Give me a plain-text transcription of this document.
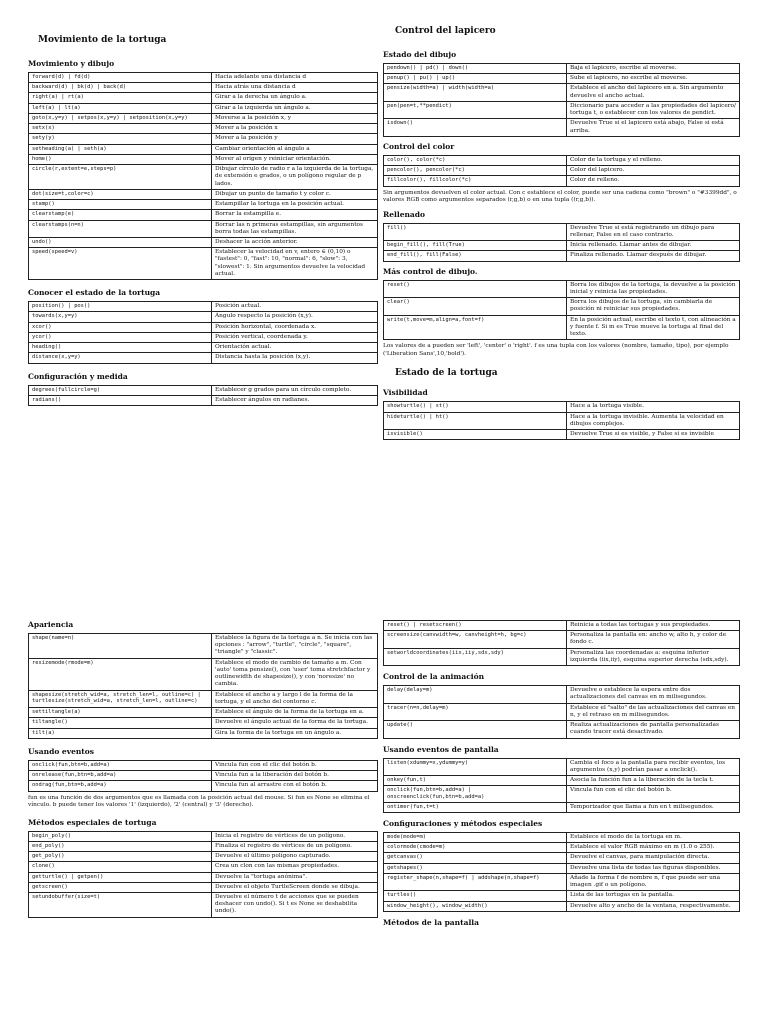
Movimiento de la tortuga
Movimiento y dibujo
forward(d) | fd(d)	Hacia adelante una distancia d
backward(d) | bk(d) | back(d)	Hacia atrás una distancia d
right(a) | rt(a)	Girar a la derecha un ángulo a.
left(a) | lt(a)	Girar a la izquierda un ángulo a.
goto(x,y=y) | setpos(x,y=y) | setposition(x,y=y)	Moverse a la posición x, y
setx(x)	Mover a la posición x
sety(y)	Mover a la posición y
setheading(a) | seth(a)	Cambiar orientación al ángulo a
home()	Mover al origen y reiniciar orientación.
circle(r,extent=e,steps=p)	Dibujar círculo de radio r a la izquierda de la tortuga, de extensión e grados, o un polígono regular de p lados.
dot(size=t,color=c)	Dibujar un punto de tamaño t y color c.
stamp()	Estampillar la tortuga en la posición actual.
clearstamp(e)	Borrar la estampilla e.
clearstamps(n=n)	Borrar las n primeras estampillas, sin argumentos borra todas las estampillas.
undo()	Deshacer la acción anterior.
speed(speed=v)	Establecer la velocidad en v, entero ∈ (0,10) o "fastest": 0, "fast": 10, "normal": 6, "slow": 3, "slowest": 1. Sin argumentos devuelve la velocidad actual.
Conocer el estado de la tortuga
position() | pos()	Posición actual.
towards(x,y=y)	Ángulo respecto la posición (x,y).
xcor()	Posición horizontal, coordenada x.
ycor()	Posición vertical, coordenada y.
heading()	Orientación actual.
distance(x,y=y)	Distancia hasta la posición (x,y).
Configuración y medida
degrees(fullcircle=g)	Establecer g grados para un círculo completo.
radians()	Establecer ángulos en radianes.
Control del lapicero
Estado del dibujo
pendown() | pd() | down()	Baja el lapicero, escribe al moverse.
penup() | pu() | up()	Sube el lapicero, no escribe al moverse.
pensize(width=a) | width(width=a)	Establece el ancho del lapicero en a. Sin argumento devuelve el ancho actual.
pen(pen=t,**pendict)	Diccionario para acceder a las propiedades del lapicero/ tortuga t, o establecer con los valores de pendict.
isdown()	Devuelve True si el lapicero está abajo, False si está arriba.
Control del color
color(), color(*c)	Color de la tortuga y el relleno.
pencolor(), pencolor(*c)	Color del lapicero.
fillcolor(), fillcolor(*c)	Color de relleno.
Sin argumentos devuelven el color actual. Con c establece el color, puede ser una cadena como "brown" o "#3399dd", o valores RGB como argumentos separados (r,g,b) o en una tupla ((r,g,b)).
Rellenado
fill()	Devuelve True si está registrando un dibujo para rellenar, False en el caso contrario.
begin_fill(), fill(True)	Inicia rellenado. Llamar antes de dibujar.
end_fill(), fill(False)	Finaliza rellenado. Llamar después de dibujar.
Más control de dibujo.
reset()	Borra los dibujos de la tortuga, la devuelve a la posición inicial y reinicia las propiedades.
clear()	Borra los dibujos de la tortuga, sin cambiarla de posición ni reiniciar sus propiedades.
write(t,move=m,align=a,font=f)	En la posición actual, escribe el texto t, con alineación a y fuente f. Si m es True mueve la tortuga al final del texto.
Los valores de a pueden ser 'left', 'center' o 'right'. f es una tupla con los valores (nombre, tamaño, tipo), por ejemplo ('Liberation Sans',10,'bold').
Estado de la tortuga
Visibilidad
showturtle() | st()	Hace a la tortuga visible.
hideturtle() | ht()	Hace a la tortuga invisible. Aumenta la velocidad en dibujos complejos.
isvisible()	Devuelve True si es visible, y False si es invisible
Apariencia
shape(name=n)	Establece la figura de la tortuga a n. Se inicia con las opciones : "arrow", "turtle", "circle", "square", "triangle" y "classic".
resizemode(rmode=m)	Establece el modo de cambio de tamaño a m. Con 'auto' toma pensize(), con 'user' toma stretchfactor y outlinewidth de shapesize(), y con 'noresize' no cambia.
shapesize(stretch_wid=a, stretch_len=l, outline=c) | turtlesize(stretch_wid=a, stretch_len=l, outline=c)	Establece el ancho a y largo l de la forma de la tortuga, y el ancho del contorno c.
settiltangle(a)	Establece el ángulo de la forma de la tortuga en a.
tiltangle()	Devuelve el ángulo actual de la forma de la tortuga.
tilt(a)	Gira la forma de la tortuga en un ángulo a.
Usando eventos
onclick(fun,btn=b,add=a)	Vincula fun con el clic del botón b.
onrelease(fun,btn=b,add=a)	Vincula fun a la liberación del botón b.
ondrag(fun,btn=b,add=a)	Vincula fun al arrastre con el botón b.
fun es una función de dos argumentos que es llamada con la posición actual del mouse. Si fun es None se elimina el vínculo. b puede tener los valores '1' (izquierdo), '2' (central) y '3' (derecho).
Métodos especiales de tortuga
begin_poly()	Inicia el registro de vértices de un polígono.
end_poly()	Finaliza el registro de vértices de un polígono.
get_poly()	Devuelve el último polígono capturado.
clone()	Crea un clon con las mismas propiedades.
getturtle() | getpen()	Devuelve la "tortuga anónima".
getscreen()	Devuelve el objeto TurtleScreen donde se dibuja.
setundobuffer(size=t)	Devuelve el número t de acciones que se pueden deshacer con undo(). Si t es None se deshabilita undo().
reset() | resetscreen()	Reinicia a todas las tortugas y sus propiedades.
screensize(canvwidth=w, canvheight=h, bg=c)	Personaliza la pantalla en: ancho w, alto h, y color de fondo c.
setworldcoordinates(iix,iiy,sdx,sdy)	Personaliza las coordenadas a: esquina inferior izquierda (iix,iiy), esquina superior derecha (sdx,sdy).
Control de la animación
delay(delay=m)	Devuelve o establece la espera entre dos actualizaciones del canvas en m milisegundos.
tracer(n=n,delay=m)	Establece el "salto" de las actualizaciones del canvas en n, y el retraso en m milisegundos.
update()	Realiza actualizaciones de pantalla personalizadas cuando tracer está desactivado.
Usando eventos de pantalla
listen(xdummy=x,ydummy=y)	Cambia el foco a la pantalla para recibir eventos, los argumentos (x,y) podrían pasar a onclick().
onkey(fun,t)	Asocia la función fun a la liberación de la tecla t.
onclick(fun,btn=b,add=a) | onscreenclick(fun,btn=b,add=a)	Vincula fun con el clic del botón b.
ontimer(fun,t=t)	Temporizador que llama a fun en t milisegundos.
Configuraciones y métodos especiales
mode(mode=m)	Establece el modo de la tortuga en m.
colormode(cmode=m)	Establece el valor RGB máximo en m (1.0 o 255).
getcanvas()	Devuelve el canvas, para manipulación directa.
getshapes()	Devuelve una lista de todas las figuras disponibles.
register_shape(n,shape=f) | addshape(n,shape=f)	Añade la forma f de nombre n, f que puede ser una imagen .gif o un polígono.
turtles()	Lista de las tortugas en la pantalla.
window_height(), window_width()	Devuelve alto y ancho de la ventana, respectivamente.
Métodos de la pantalla
